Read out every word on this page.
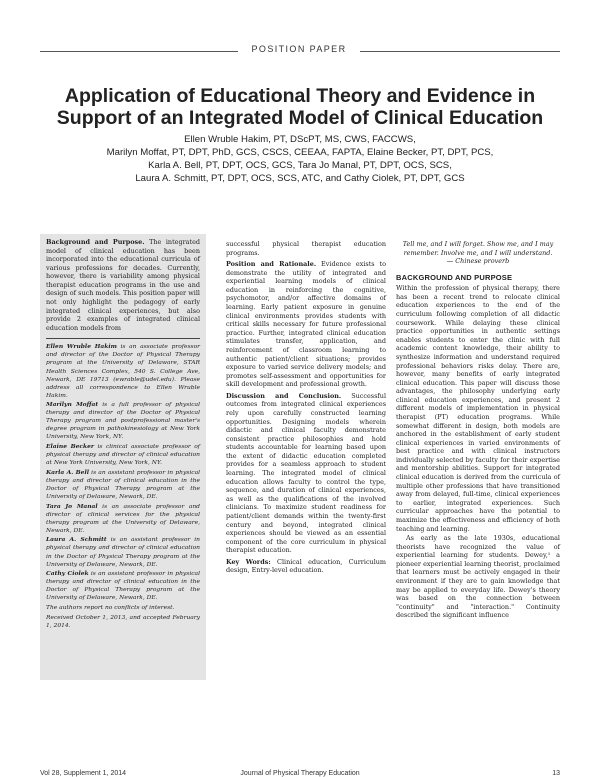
POSITION PAPER
Application of Educational Theory and Evidence in Support of an Integrated Model of Clinical Education
Ellen Wruble Hakim, PT, DScPT, MS, CWS, FACCWS,
Marilyn Moffat, PT, DPT, PhD, GCS, CSCS, CEEAA, FAPTA, Elaine Becker, PT, DPT, PCS,
Karla A. Bell, PT, DPT, OCS, GCS, Tara Jo Manal, PT, DPT, OCS, SCS,
Laura A. Schmitt, PT, DPT, OCS, SCS, ATC, and Cathy Ciolek, PT, DPT, GCS

Background and Purpose. The integrated model of clinical education has been incorporated into the educational curricula of various professions for decades. Currently, however, there is variability among physical therapist education programs in the use and design of such models. This position paper will not only highlight the pedagogy of early integrated clinical experiences, but also provide 2 examples of integrated clinical education models from

Ellen Wruble Hakim is an associate professor and director of the Doctor of Physical Therapy program at the University of Delaware, STAR Health Sciences Complex, 540 S. College Ave, Newark, DE 19713 (ewrable@udel.edu). Please address all correspondence to Ellen Wruble Hakim.

Marilyn Moffat is a full professor of physical therapy and director of the Doctor of Physical Therapy program and postprofessional master's degree program in pathokinesiology at New York University, New York, NY.

Elaine Becker is clinical associate professor of physical therapy and director of clinical education at New York University, New York, NY.

Karla A. Bell is an assistant professor in physical therapy and director of clinical education in the Doctor of Physical Therapy program at the University of Delaware, Newark, DE.

Tara Jo Manal is an associate professor and director of clinical services for the physical therapy program at the University of Delaware, Newark, DE.

Laura A. Schmitt is an assistant professor in physical therapy and director of clinical education in the Doctor of Physical Therapy program at the University of Delaware, Newark, DE.

Cathy Ciolek is an assistant professor in physical therapy and director of clinical education in the Doctor of Physical Therapy program at the University of Delaware, Newark, DE.

The authors report no conflicts of interest.

Received October 1, 2013, and accepted February 1, 2014.

successful physical therapist education programs.

Position and Rationale. Evidence exists to demonstrate the utility of integrated and experiential learning models of clinical education in reinforcing the cognitive, psychomotor, and/or affective domains of learning. Early patient exposure in genuine clinical environments provides students with critical skills necessary for future professional practice. Further, integrated clinical education stimulates transfer, application, and reinforcement of classroom learning to authentic patient/client situations; provides exposure to varied service delivery models; and promotes self-assessment and opportunities for skill development and professional growth.

Discussion and Conclusion. Successful outcomes from integrated clinical experiences rely upon carefully constructed learning opportunities. Designing models wherein didactic and clinical faculty demonstrate consistent practice philosophies and hold students accountable for learning based upon the extent of didactic education completed provides for a seamless approach to student learning. The integrated model of clinical education allows faculty to control the type, sequence, and duration of clinical experiences, as well as the qualifications of the involved clinicians. To maximize student readiness for patient/client demands within the twenty-first century and beyond, integrated clinical experiences should be viewed as an essential component of the core curriculum in physical therapist education.

Key Words: Clinical education, Curriculum design, Entry-level education.

Tell me, and I will forget. Show me, and I may remember. Involve me, and I will understand. — Chinese proverb

BACKGROUND AND PURPOSE

Within the profession of physical therapy, there has been a recent trend to relocate clinical education experiences to the end of the curriculum following completion of all didactic coursework. While delaying these clinical practice opportunities in authentic settings enables students to enter the clinic with full academic content knowledge, their ability to synthesize information and understand required professional behaviors risks delay. There are, however, many benefits of early integrated clinical education. This paper will discuss those advantages, the philosophy underlying early clinical education experiences, and present 2 different models of implementation in physical therapist (PT) education programs. While somewhat different in design, both models are anchored in the establishment of early student clinical experiences in varied environments of best practice and with clinical instructors individually selected by faculty for their expertise and mentorship abilities. Support for integrated clinical education is derived from the curricula of multiple other professions that have transitioned away from delayed, full-time, clinical experiences to earlier, integrated experiences. Such curricular approaches have the potential to maximize the effectiveness and efficiency of both teaching and learning.

As early as the late 1930s, educational theorists have recognized the value of experiential learning for students. Dewey,¹ a pioneer experiential learning theorist, proclaimed that learners must be actively engaged in their environment if they are to gain knowledge that may be applied to everyday life. Dewey's theory was based on the connection between "continuity" and "interaction." Continuity described the significant influence

Vol 28, Supplement 1, 2014	Journal of Physical Therapy Education	13
